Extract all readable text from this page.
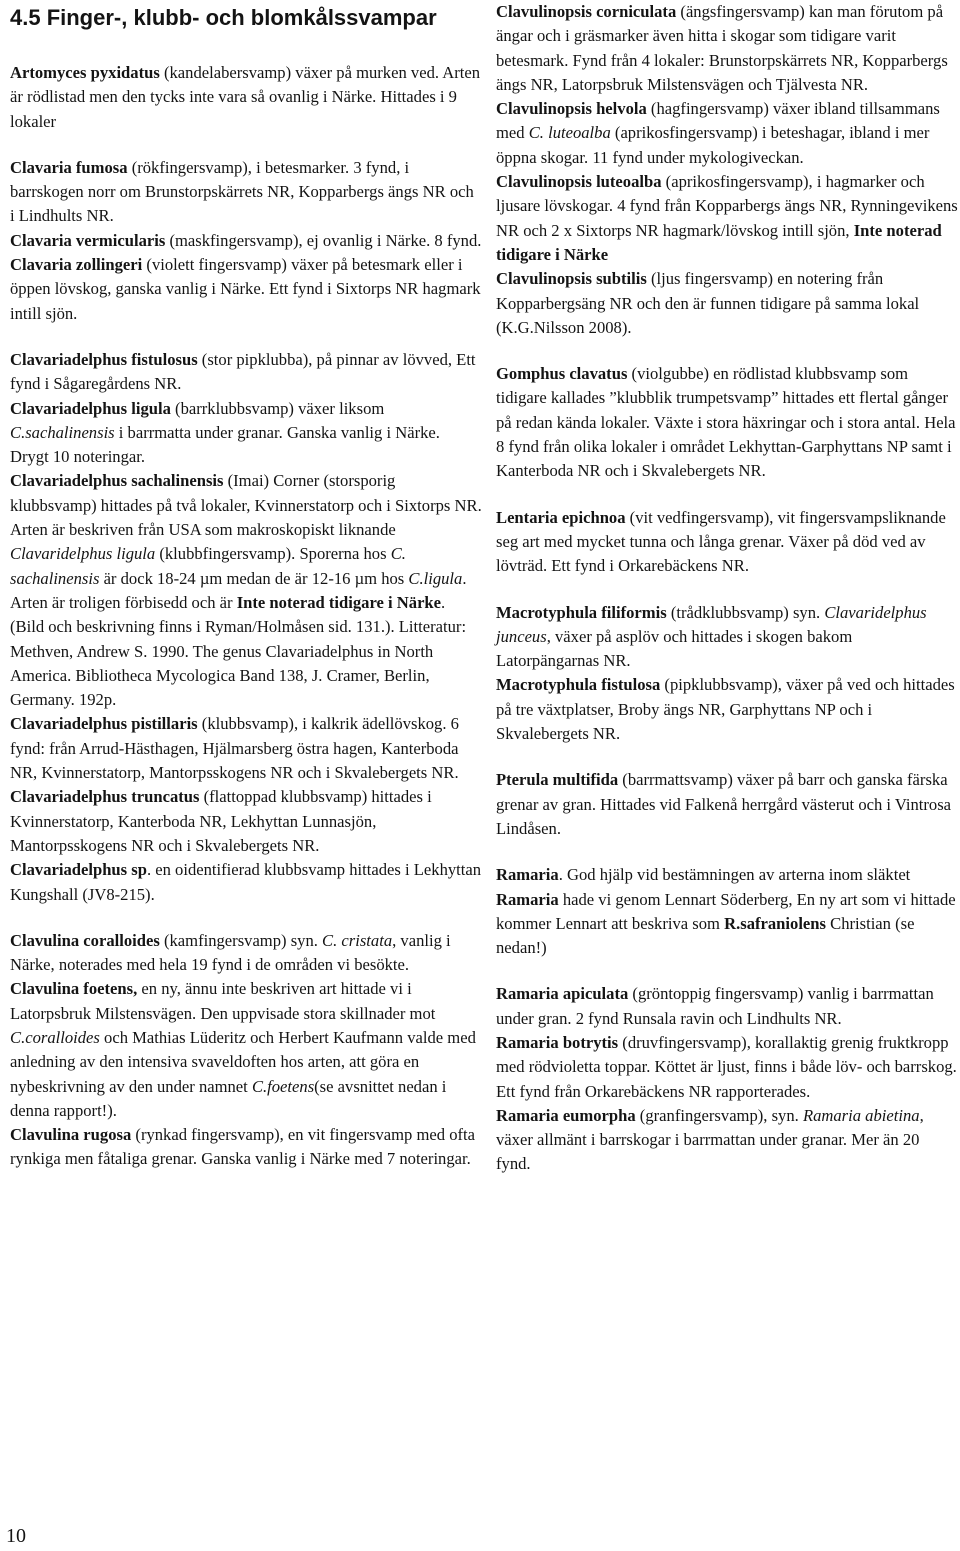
4.5 Finger-, klubb- och blomkålssvampar

Artomyces pyxidatus (kandelabersvamp) växer på murken ved. Arten är rödlistad men den tycks inte vara så ovanlig i Närke. Hittades i 9 lokaler

Clavaria fumosa (rökfingersvamp), i betesmarker. 3 fynd, i barrskogen norr om Brunstorpskärrets NR, Kopparbergs ängs NR och i Lindhults NR.

Clavaria vermicularis (maskfingersvamp), ej ovanlig i Närke. 8 fynd.

Clavaria zollingeri (violett fingersvamp) växer på betesmark eller i öppen lövskog, ganska vanlig i Närke. Ett fynd i Sixtorps NR hagmark intill sjön.

Clavariadelphus fistulosus (stor pipklubba), på pinnar av lövved, Ett fynd i Sågaregårdens NR.

Clavariadelphus ligula (barrklubbsvamp) växer liksom C.sachalinensis i barrmatta under granar. Ganska vanlig i Närke. Drygt 10 noteringar.

Clavariadelphus sachalinensis (Imai) Corner (storsporig klubbsvamp) hittades på två lokaler, Kvinnerstatorp och i Sixtorps NR. Arten är beskriven från USA som makroskopiskt liknande Clavaridelphus ligula (klubbfingersvamp). Sporerna hos C. sachalinensis är dock 18-24 µm medan de är 12-16 µm hos C.ligula. Arten är troligen förbisedd och är Inte noterad tidigare i Närke. (Bild och beskrivning finns i Ryman/Holmåsen sid. 131.). Litteratur: Methven, Andrew S. 1990. The genus Clavariadelphus in North America. Bibliotheca Mycologica Band 138, J. Cramer, Berlin, Germany. 192p.

Clavariadelphus pistillaris (klubbsvamp), i kalkrik ädellövskog. 6 fynd: från Arrud-Hästhagen, Hjälmarsberg östra hagen, Kanterboda NR, Kvinnerstatorp, Mantorpsskogens NR och i Skvalebergets NR.

Clavariadelphus truncatus (flattoppad klubbsvamp) hittades i Kvinnerstatorp, Kanterboda NR, Lekhyttan Lunnasjön, Mantorpsskogens NR och i Skvalebergets NR.

Clavariadelphus sp. en oidentifierad klubbsvamp hittades i Lekhyttan Kungshall (JV8-215).

Clavulina coralloides (kamfingersvamp) syn. C. cristata, vanlig i Närke, noterades med hela 19 fynd i de områden vi besökte.

Clavulina foetens, en ny, ännu inte beskriven art hittade vi i Latorpsbruk Milstensvägen. Den uppvisade stora skillnader mot C.coralloides och Mathias Lüderitz och Herbert Kaufmann valde med anledning av den intensiva svaveldoften hos arten, att göra en nybeskrivning av den under namnet C.foetens(se avsnittet nedan i denna rapport!).

Clavulina rugosa (rynkad fingersvamp), en vit fingersvamp med ofta rynkiga men fåtaliga grenar. Ganska vanlig i Närke med 7 noteringar.

Clavulinopsis corniculata (ängsfingersvamp) kan man förutom på ängar och i gräsmarker även hitta i skogar som tidigare varit betesmark. Fynd från 4 lokaler: Brunstorpskärrets NR, Kopparbergs ängs NR, Latorpsbruk Milstensvägen och Tjälvesta NR.

Clavulinopsis helvola (hagfingersvamp) växer ibland tillsammans med C. luteoalba (aprikosfingersvamp) i beteshagar, ibland i mer öppna skogar. 11 fynd under mykologiveckan.

Clavulinopsis luteoalba (aprikosfingersvamp), i hagmarker och ljusare lövskogar. 4 fynd från Kopparbergs ängs NR, Rynningevikens NR och 2 x Sixtorps NR hagmark/lövskog intill sjön, Inte noterad tidigare i Närke

Clavulinopsis subtilis (ljus fingersvamp) en notering från Kopparbergsäng NR och den är funnen tidigare på samma lokal (K.G.Nilsson 2008).

Gomphus clavatus (violgubbe) en rödlistad klubbsvamp som tidigare kallades ”klubblik trumpetsvamp” hittades ett flertal gånger på redan kända lokaler. Växte i stora häxringar och i stora antal. Hela 8 fynd från olika lokaler i området Lekhyttan-Garphyttans NP samt i Kanterboda NR och i Skvalebergets NR.

Lentaria epichnoa (vit vedfingersvamp), vit fingersvampsliknande seg art med mycket tunna och långa grenar. Växer på död ved av lövträd. Ett fynd i Orkarebäckens NR.

Macrotyphula filiformis (trådklubbsvamp) syn. Clavaridelphus junceus, växer på asplöv och hittades i skogen bakom Latorpängarnas NR.

Macrotyphula fistulosa (pipklubbsvamp), växer på ved och hittades på tre växtplatser, Broby ängs NR, Garphyttans NP och i Skvalebergets NR.

Pterula multifida (barrmattsvamp) växer på barr och ganska färska grenar av gran. Hittades vid Falkenå herrgård västerut och i Vintrosa Lindåsen.

Ramaria. God hjälp vid bestämningen av arterna inom släktet Ramaria hade vi genom Lennart Söderberg, En ny art som vi hittade kommer Lennart att beskriva som R.safraniolens Christian (se nedan!)

Ramaria apiculata (gröntoppig fingersvamp) vanlig i barrmattan under gran. 2 fynd Runsala ravin och Lindhults NR.

Ramaria botrytis (druvfingersvamp), korallaktig grenig fruktkropp med rödvioletta toppar. Köttet är ljust, finns i både löv- och barrskog. Ett fynd från Orkarebäckens NR rapporterades.

Ramaria eumorpha (granfingersvamp), syn. Ramaria abietina, växer allmänt i barrskogar i barrmattan under granar. Mer än 20 fynd.

10
